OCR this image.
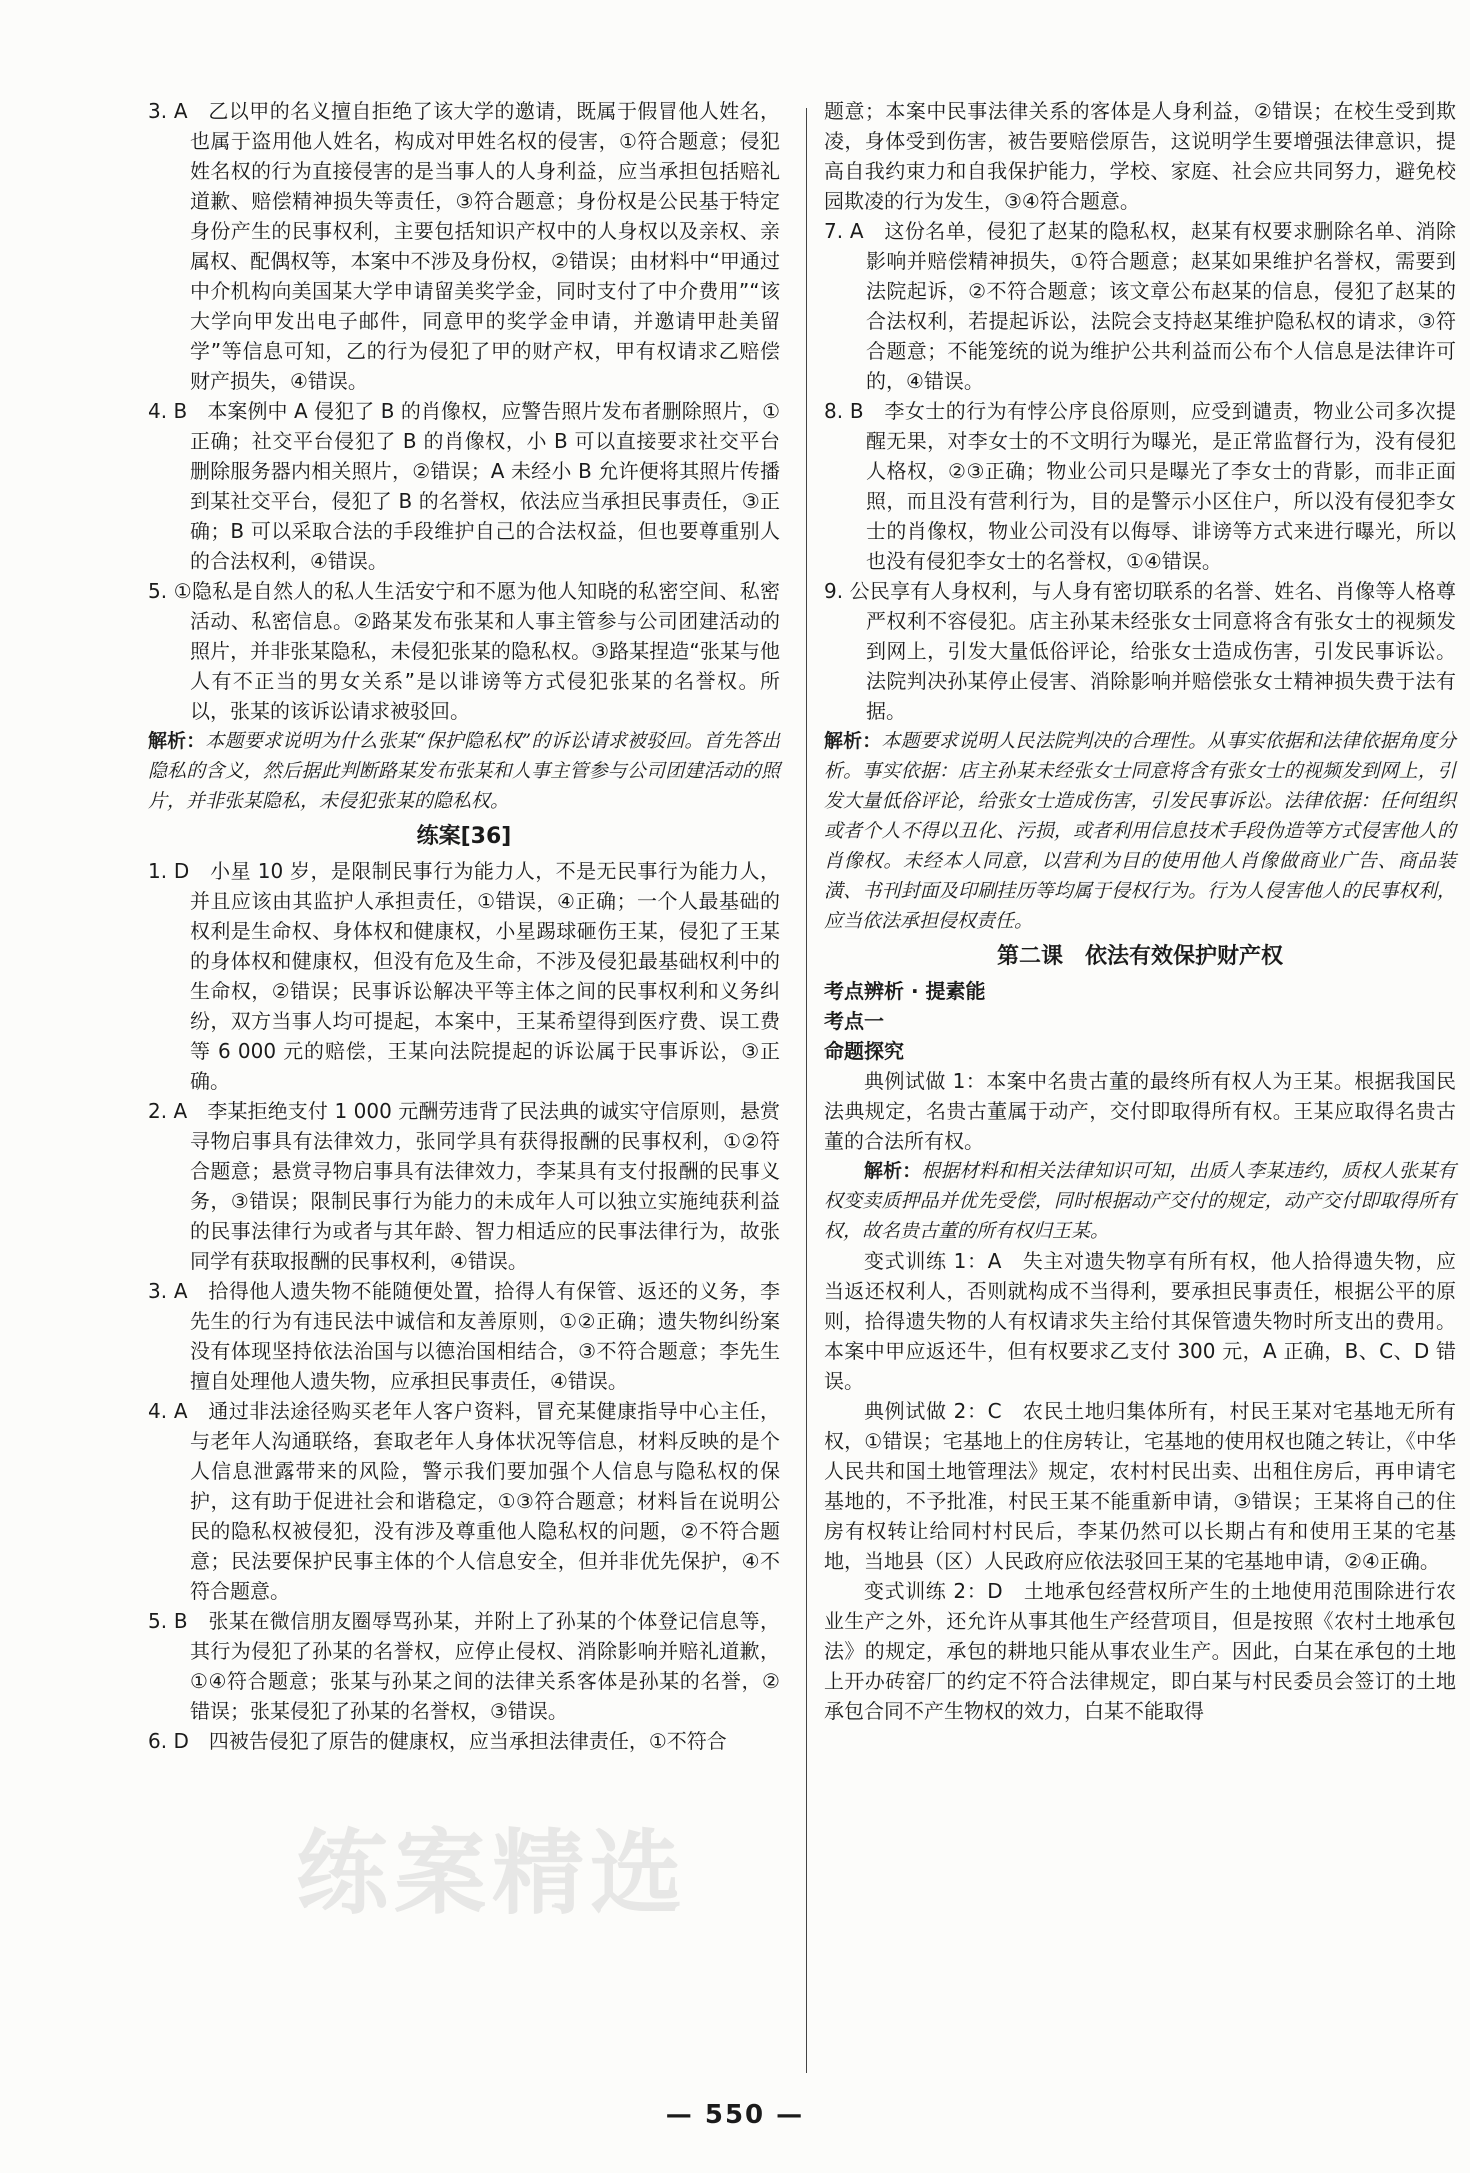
3. A　乙以甲的名义擅自拒绝了该大学的邀请，既属于假冒他人姓名，也属于盗用他人姓名，构成对甲姓名权的侵害，①符合题意；侵犯姓名权的行为直接侵害的是当事人的人身利益，应当承担包括赔礼道歉、赔偿精神损失等责任，③符合题意；身份权是公民基于特定身份产生的民事权利，主要包括知识产权中的人身权以及亲权、亲属权、配偶权等，本案中不涉及身份权，②错误；由材料中“甲通过中介机构向美国某大学申请留美奖学金，同时支付了中介费用”“该大学向甲发出电子邮件，同意甲的奖学金申请，并邀请甲赴美留学”等信息可知，乙的行为侵犯了甲的财产权，甲有权请求乙赔偿财产损失，④错误。

4. B　本案例中 A 侵犯了 B 的肖像权，应警告照片发布者删除照片，①正确；社交平台侵犯了 B 的肖像权，小 B 可以直接要求社交平台删除服务器内相关照片，②错误；A 未经小 B 允许便将其照片传播到某社交平台，侵犯了 B 的名誉权，依法应当承担民事责任，③正确；B 可以采取合法的手段维护自己的合法权益，但也要尊重别人的合法权利，④错误。

5. ①隐私是自然人的私人生活安宁和不愿为他人知晓的私密空间、私密活动、私密信息。②路某发布张某和人事主管参与公司团建活动的照片，并非张某隐私，未侵犯张某的隐私权。③路某捏造“张某与他人有不正当的男女关系”是以诽谤等方式侵犯张某的名誉权。所以，张某的该诉讼请求被驳回。

解析：本题要求说明为什么张某“保护隐私权”的诉讼请求被驳回。首先答出隐私的含义，然后据此判断路某发布张某和人事主管参与公司团建活动的照片，并非张某隐私，未侵犯张某的隐私权。

练案[36]

1. D　小星 10 岁，是限制民事行为能力人，不是无民事行为能力人，并且应该由其监护人承担责任，①错误，④正确；一个人最基础的权利是生命权、身体权和健康权，小星踢球砸伤王某，侵犯了王某的身体权和健康权，但没有危及生命，不涉及侵犯最基础权利中的生命权，②错误；民事诉讼解决平等主体之间的民事权利和义务纠纷，双方当事人均可提起，本案中，王某希望得到医疗费、误工费等 6 000 元的赔偿，王某向法院提起的诉讼属于民事诉讼，③正确。

2. A　李某拒绝支付 1 000 元酬劳违背了民法典的诚实守信原则，悬赏寻物启事具有法律效力，张同学具有获得报酬的民事权利，①②符合题意；悬赏寻物启事具有法律效力，李某具有支付报酬的民事义务，③错误；限制民事行为能力的未成年人可以独立实施纯获利益的民事法律行为或者与其年龄、智力相适应的民事法律行为，故张同学有获取报酬的民事权利，④错误。

3. A　拾得他人遗失物不能随便处置，拾得人有保管、返还的义务，李先生的行为有违民法中诚信和友善原则，①②正确；遗失物纠纷案没有体现坚持依法治国与以德治国相结合，③不符合题意；李先生擅自处理他人遗失物，应承担民事责任，④错误。

4. A　通过非法途径购买老年人客户资料，冒充某健康指导中心主任，与老年人沟通联络，套取老年人身体状况等信息，材料反映的是个人信息泄露带来的风险，警示我们要加强个人信息与隐私权的保护，这有助于促进社会和谐稳定，①③符合题意；材料旨在说明公民的隐私权被侵犯，没有涉及尊重他人隐私权的问题，②不符合题意；民法要保护民事主体的个人信息安全，但并非优先保护，④不符合题意。

5. B　张某在微信朋友圈辱骂孙某，并附上了孙某的个体登记信息等，其行为侵犯了孙某的名誉权，应停止侵权、消除影响并赔礼道歉，①④符合题意；张某与孙某之间的法律关系客体是孙某的名誉，②错误；张某侵犯了孙某的名誉权，③错误。

6. D　四被告侵犯了原告的健康权，应当承担法律责任，①不符合

题意；本案中民事法律关系的客体是人身利益，②错误；在校生受到欺凌，身体受到伤害，被告要赔偿原告，这说明学生要增强法律意识，提高自我约束力和自我保护能力，学校、家庭、社会应共同努力，避免校园欺凌的行为发生，③④符合题意。

7. A　这份名单，侵犯了赵某的隐私权，赵某有权要求删除名单、消除影响并赔偿精神损失，①符合题意；赵某如果维护名誉权，需要到法院起诉，②不符合题意；该文章公布赵某的信息，侵犯了赵某的合法权利，若提起诉讼，法院会支持赵某维护隐私权的请求，③符合题意；不能笼统的说为维护公共利益而公布个人信息是法律许可的，④错误。

8. B　李女士的行为有悖公序良俗原则，应受到谴责，物业公司多次提醒无果，对李女士的不文明行为曝光，是正常监督行为，没有侵犯人格权，②③正确；物业公司只是曝光了李女士的背影，而非正面照，而且没有营利行为，目的是警示小区住户，所以没有侵犯李女士的肖像权，物业公司没有以侮辱、诽谤等方式来进行曝光，所以也没有侵犯李女士的名誉权，①④错误。

9. 公民享有人身权利，与人身有密切联系的名誉、姓名、肖像等人格尊严权利不容侵犯。店主孙某未经张女士同意将含有张女士的视频发到网上，引发大量低俗评论，给张女士造成伤害，引发民事诉讼。法院判决孙某停止侵害、消除影响并赔偿张女士精神损失费于法有据。

解析：本题要求说明人民法院判决的合理性。从事实依据和法律依据角度分析。事实依据：店主孙某未经张女士同意将含有张女士的视频发到网上，引发大量低俗评论，给张女士造成伤害，引发民事诉讼。法律依据：任何组织或者个人不得以丑化、污损，或者利用信息技术手段伪造等方式侵害他人的肖像权。未经本人同意，以营利为目的使用他人肖像做商业广告、商品装潢、书刊封面及印刷挂历等均属于侵权行为。行为人侵害他人的民事权利，应当依法承担侵权责任。

第二课　依法有效保护财产权

考点辨析 · 提素能

考点一

命题探究

典例试做 1：本案中名贵古董的最终所有权人为王某。根据我国民法典规定，名贵古董属于动产，交付即取得所有权。王某应取得名贵古董的合法所有权。

解析：根据材料和相关法律知识可知，出质人李某违约，质权人张某有权变卖质押品并优先受偿，同时根据动产交付的规定，动产交付即取得所有权，故名贵古董的所有权归王某。

变式训练 1：A　失主对遗失物享有所有权，他人拾得遗失物，应当返还权利人，否则就构成不当得利，要承担民事责任，根据公平的原则，拾得遗失物的人有权请求失主给付其保管遗失物时所支出的费用。本案中甲应返还牛，但有权要求乙支付 300 元，A 正确，B、C、D 错误。

典例试做 2：C　农民土地归集体所有，村民王某对宅基地无所有权，①错误；宅基地上的住房转让，宅基地的使用权也随之转让，《中华人民共和国土地管理法》规定，农村村民出卖、出租住房后，再申请宅基地的，不予批准，村民王某不能重新申请，③错误；王某将自己的住房有权转让给同村村民后，李某仍然可以长期占有和使用王某的宅基地，当地县（区）人民政府应依法驳回王某的宅基地申请，②④正确。

变式训练 2：D　土地承包经营权所产生的土地使用范围除进行农业生产之外，还允许从事其他生产经营项目，但是按照《农村土地承包法》的规定，承包的耕地只能从事农业生产。因此，白某在承包的土地上开办砖窑厂的约定不符合法律规定，即白某与村民委员会签订的土地承包合同不产生物权的效力，白某不能取得

练案精选
— 550 —
